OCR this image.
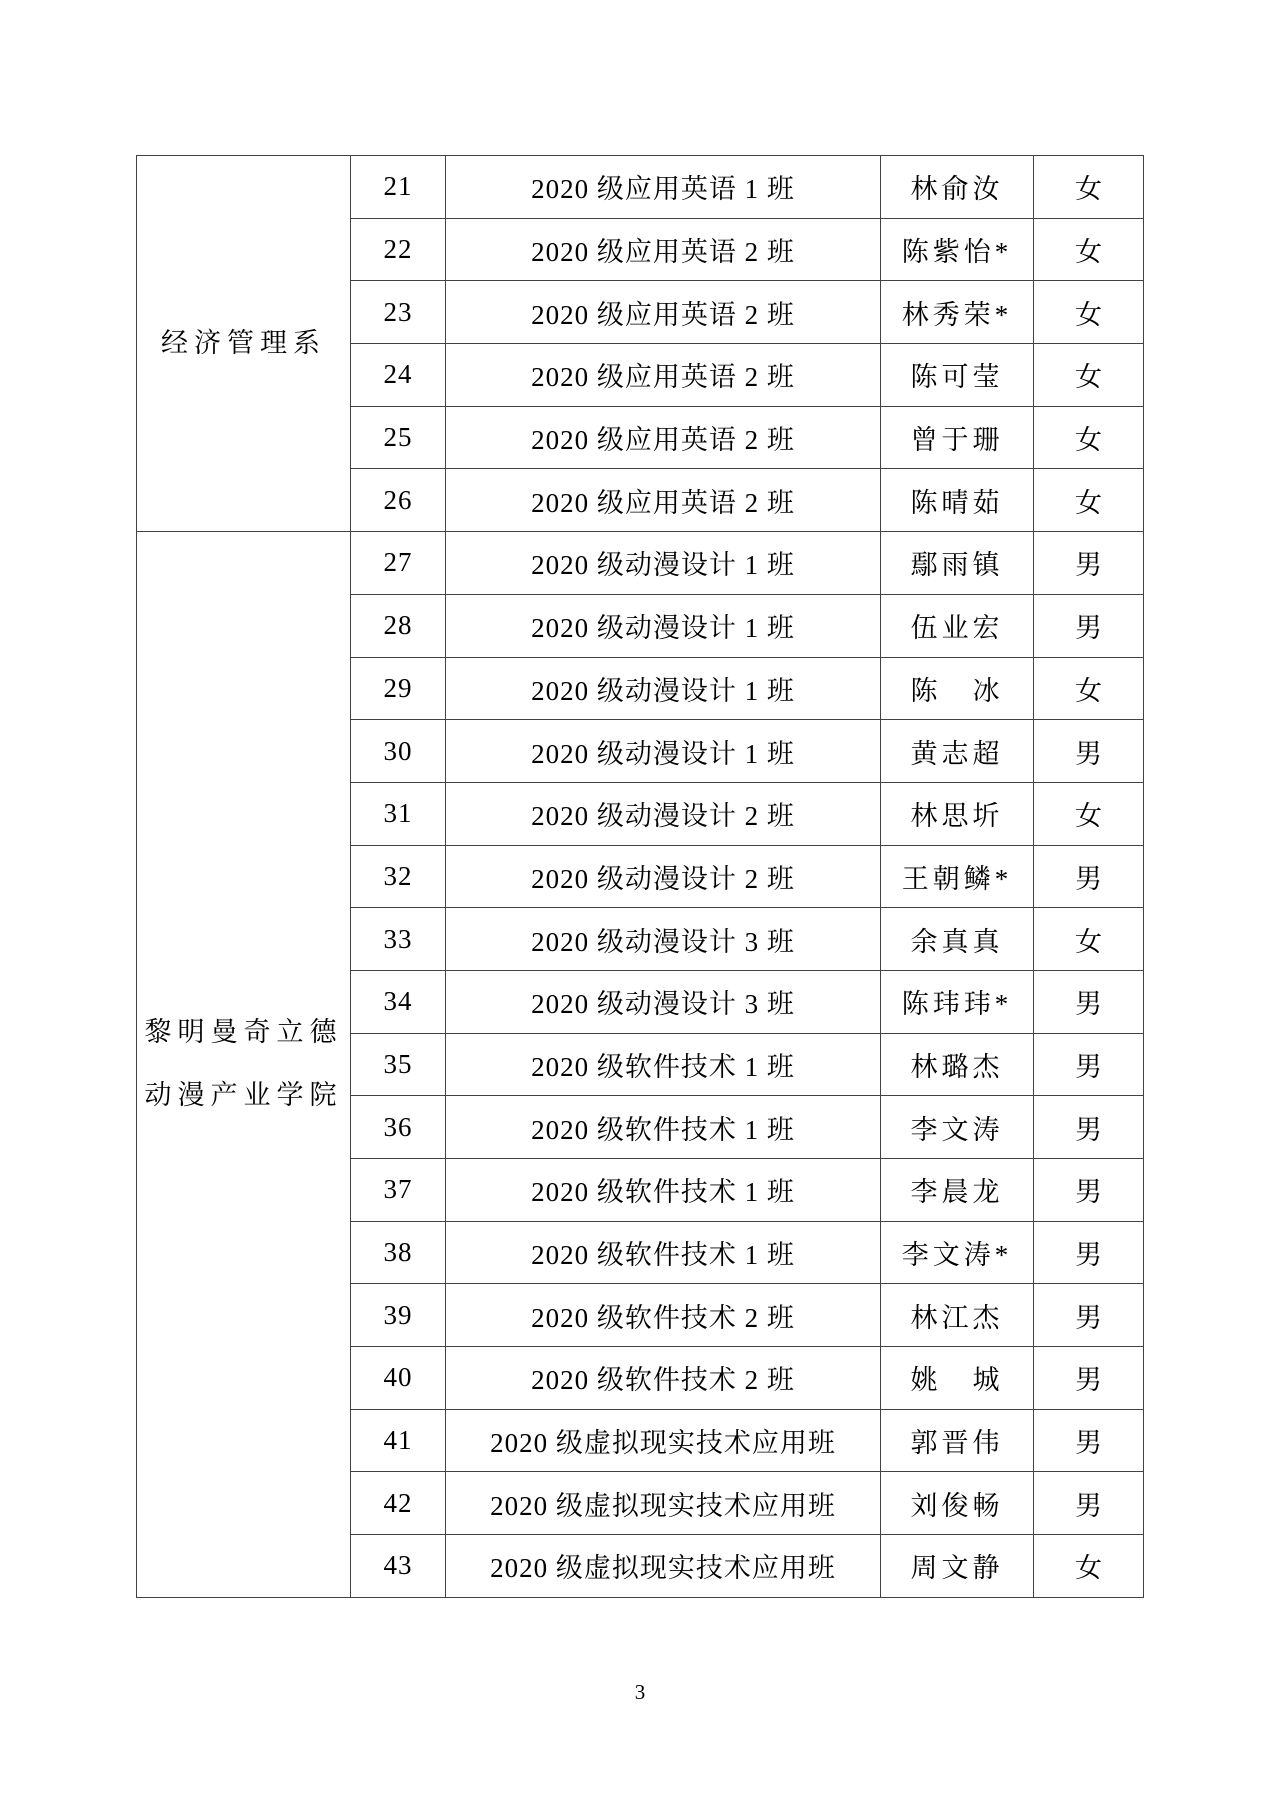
经济管理系	21	2020 级应用英语 1 班	林俞汝	女
	22	2020 级应用英语 2 班	陈紫怡*	女
	23	2020 级应用英语 2 班	林秀荣*	女
	24	2020 级应用英语 2 班	陈可莹	女
	25	2020 级应用英语 2 班	曾于珊	女
	26	2020 级应用英语 2 班	陈晴茹	女

黎明曼奇立德
动漫产业学院	27	2020 级动漫设计 1 班	鄢雨镇	男
	28	2020 级动漫设计 1 班	伍业宏	男
	29	2020 级动漫设计 1 班	陈　冰	女
	30	2020 级动漫设计 1 班	黄志超	男
	31	2020 级动漫设计 2 班	林思圻	女
	32	2020 级动漫设计 2 班	王朝鳞*	男
	33	2020 级动漫设计 3 班	余真真	女
	34	2020 级动漫设计 3 班	陈玮玮*	男
	35	2020 级软件技术 1 班	林璐杰	男
	36	2020 级软件技术 1 班	李文涛	男
	37	2020 级软件技术 1 班	李晨龙	男
	38	2020 级软件技术 1 班	李文涛*	男
	39	2020 级软件技术 2 班	林江杰	男
	40	2020 级软件技术 2 班	姚　城	男
	41	2020 级虚拟现实技术应用班	郭晋伟	男
	42	2020 级虚拟现实技术应用班	刘俊畅	男
	43	2020 级虚拟现实技术应用班	周文静	女
3
